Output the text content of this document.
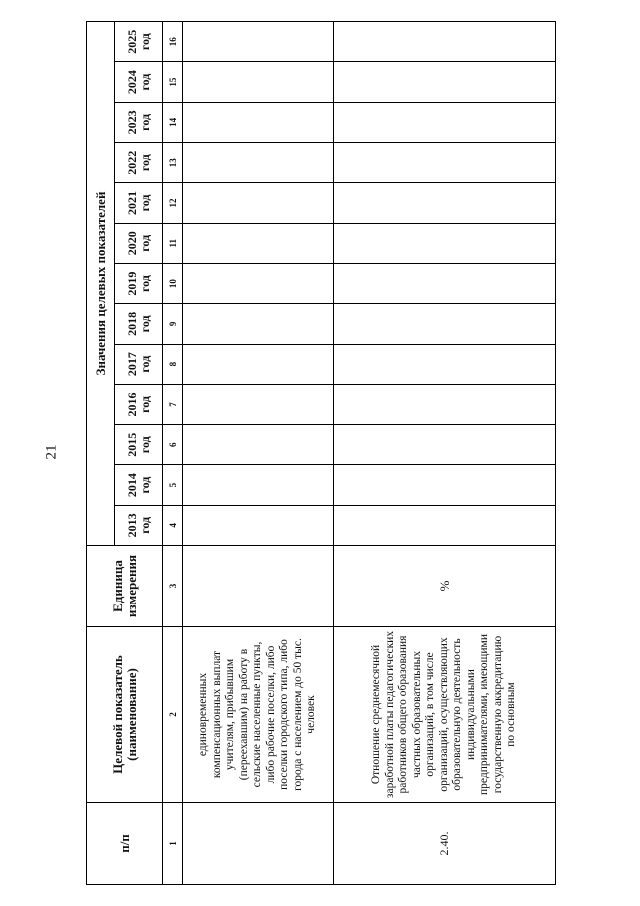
21
п/п	Целевой показатель (наименование)	Единица измерения	Значения целевых показателей												
			2013 год	2014 год	2015 год	2016 год	2017 год	2018 год	2019 год	2020 год	2021 год	2022 год	2023 год	2024 год	2025 год
1	2	3	4	5	6	7	8	9	10	11	12	13	14	15	16
	единовременных компенсационных выплат учителям, прибывшим (переехавшим) на работу в сельские населенные пункты, либо рабочие поселки, либо поселки городского типа, либо города с населением до 50 тыс. человек														
2.40.	Отношение среднемесячной заработной платы педагогических работников общего образования частных образовательных организаций, в том числе организаций, осуществляющих образовательную деятельность индивидуальными предпринимателями, имеющими государственную аккредитацию по основным	%													
